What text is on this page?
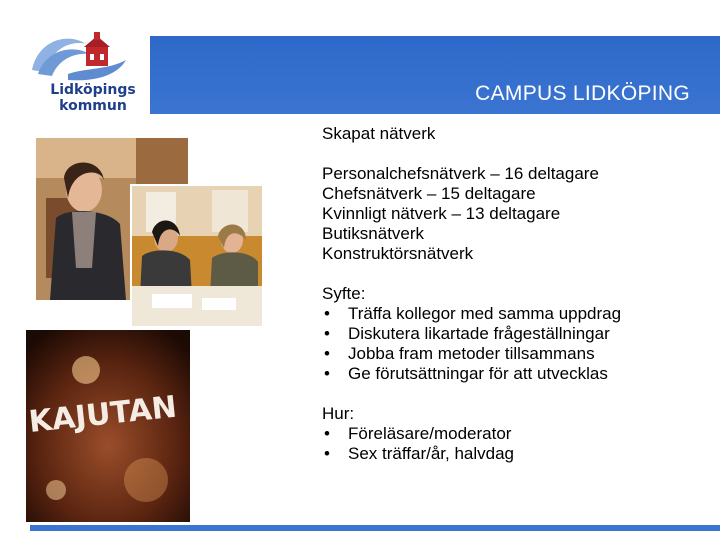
Lidköpings
kommun
CAMPUS LIDKÖPING
KAJUTAN
Skapat nätverk
Personalchefsnätverk – 16 deltagare
Chefsnätverk – 15 deltagare
Kvinnligt nätverk – 13 deltagare
Butiksnätverk
Konstruktörsnätverk
Syfte:
•	Träffa kollegor med samma uppdrag
•	Diskutera likartade frågeställningar
•	Jobba fram metoder tillsammans
•	Ge förutsättningar för att utvecklas
Hur:
•	Föreläsare/moderator
•	Sex träffar/år, halvdag
